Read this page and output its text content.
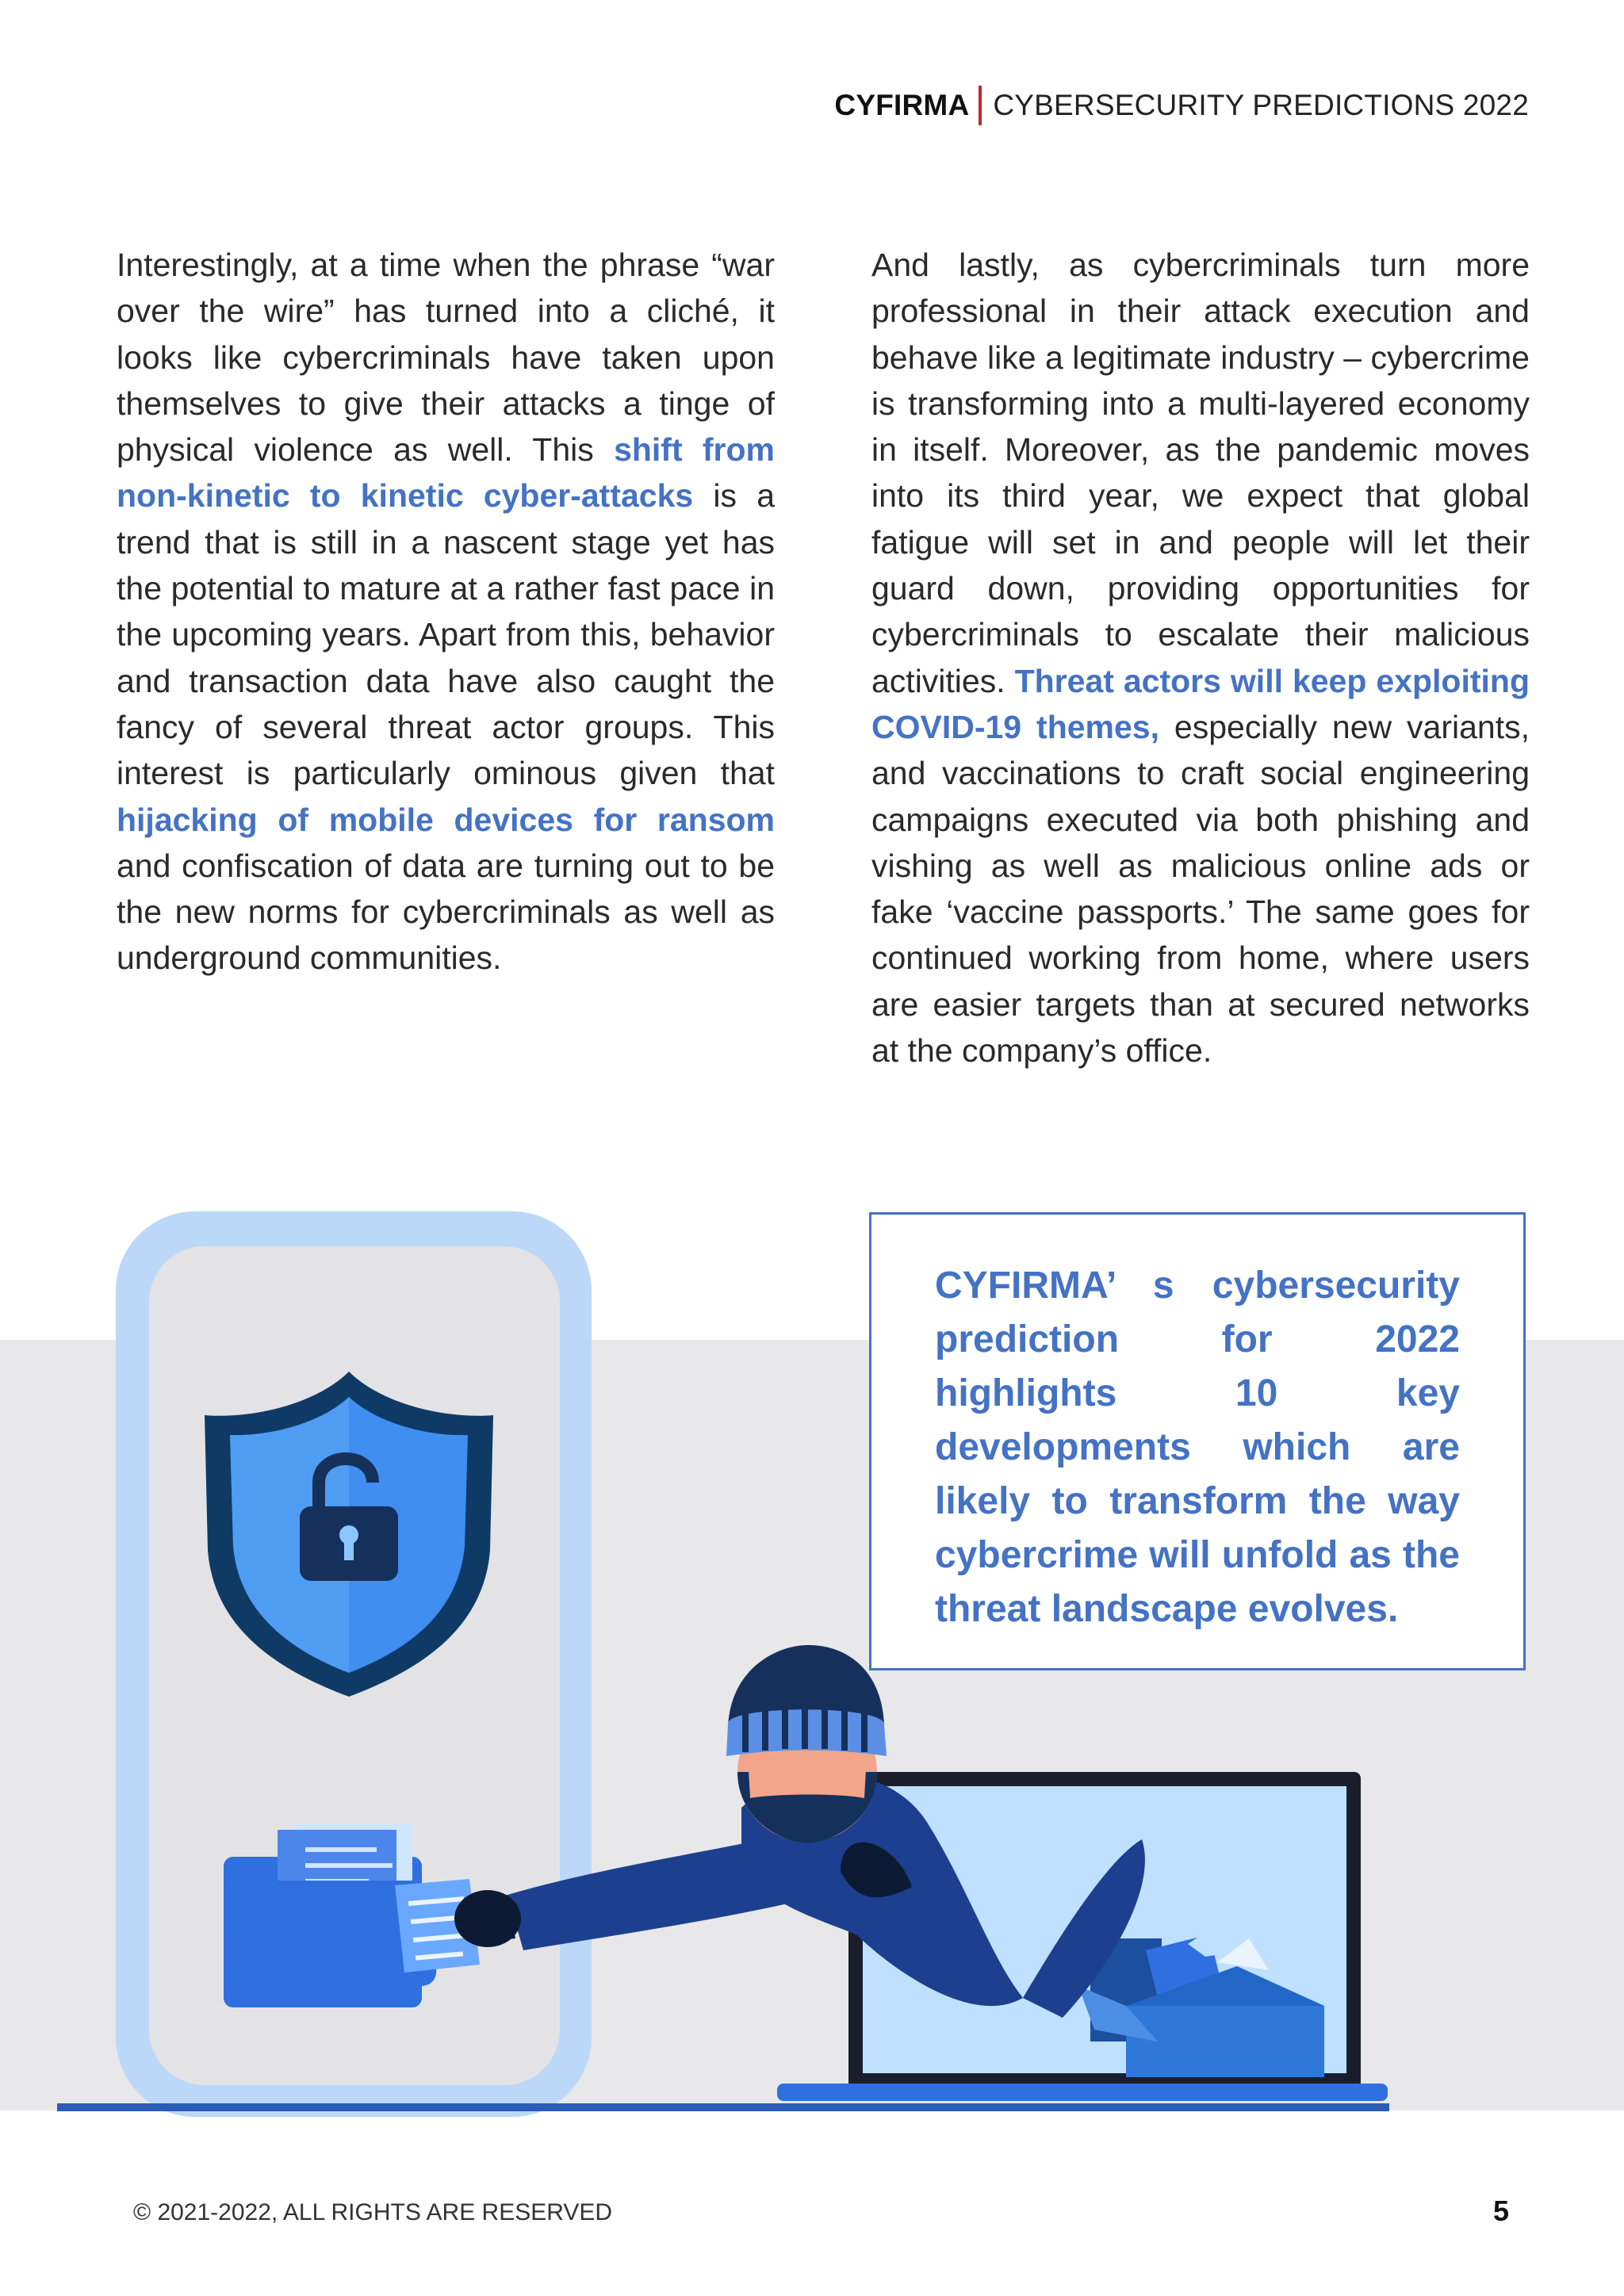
CYFIRMA CYBERSECURITY PREDICTIONS 2022

Interestingly, at a time when the phrase “war over the wire” has turned into a cliché, it looks like cybercriminals have taken upon themselves to give their attacks a tinge of physical violence as well. This shift from non-kinetic to kinetic cyber-attacks is a trend that is still in a nascent stage yet has the potential to mature at a rather fast pace in the upcoming years. Apart from this, behavior and transaction data have also caught the fancy of several threat actor groups. This interest is particularly ominous given that hijacking of mobile devices for ransom and confiscation of data are turning out to be the new norms for cybercriminals as well as underground communities.

And lastly, as cybercriminals turn more professional in their attack execution and behave like a legitimate industry – cybercrime is transforming into a multi-layered economy in itself. Moreover, as the pandemic moves into its third year, we expect that global fatigue will set in and people will let their guard down, providing opportunities for cybercriminals to escalate their malicious activities. Threat actors will keep exploiting COVID-19 themes, especially new variants, and vaccinations to craft social engineering campaigns executed via both phishing and vishing as well as malicious online ads or fake ‘vaccine passports.’ The same goes for continued working from home, where users are easier targets than at secured networks at the company’s office.

CYFIRMA’ s cybersecurity prediction for 2022 highlights 10 key developments which are likely to transform the way cybercrime will unfold as the threat landscape evolves.

© 2021-2022, ALL RIGHTS ARE RESERVED	5
